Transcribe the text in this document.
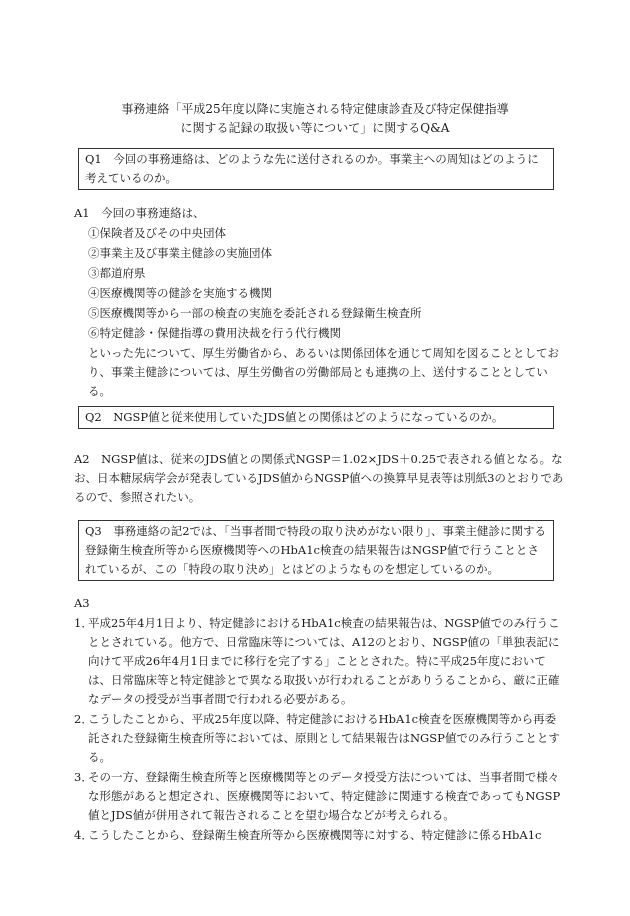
事務連絡「平成25年度以降に実施される特定健康診査及び特定保健指導
に関する記録の取扱い等について」に関するQ&A
Q1　今回の事務連絡は、どのような先に送付されるのか。事業主への周知はどのように考えているのか。
A1　今回の事務連絡は、
①保険者及びその中央団体
②事業主及び事業主健診の実施団体
③都道府県
④医療機関等の健診を実施する機関
⑤医療機関等から一部の検査の実施を委託される登録衛生検査所
⑥特定健診・保健指導の費用決裁を行う代行機関
といった先について、厚生労働省から、あるいは関係団体を通じて周知を図ることとしており、事業主健診については、厚生労働省の労働部局とも連携の上、送付することとしている。
Q2　NGSP値と従来使用していたJDS値との関係はどのようになっているのか。
A2　NGSP値は、従来のJDS値との関係式NGSP＝1.02×JDS＋0.25で表される値となる。なお、日本糖尿病学会が発表しているJDS値からNGSP値への換算早見表等は別紙3のとおりであるので、参照されたい。
Q3　事務連絡の記2では、「当事者間で特段の取り決めがない限り」、事業主健診に関する登録衛生検査所等から医療機関等へのHbA1c検査の結果報告はNGSP値で行うこととされているが、この「特段の取り決め」とはどのようなものを想定しているのか。
A3
1．
平成25年4月1日より、特定健診におけるHbA1c検査の結果報告は、NGSP値でのみ行うこととされている。他方で、日常臨床等については、A12のとおり、NGSP値の「単独表記に向けて平成26年4月1日までに移行を完了する」こととされた。特に平成25年度においては、日常臨床等と特定健診とで異なる取扱いが行われることがありうることから、厳に正確なデータの授受が当事者間で行われる必要がある。
2．
こうしたことから、平成25年度以降、特定健診におけるHbA1c検査を医療機関等から再委託された登録衛生検査所等においては、原則として結果報告はNGSP値でのみ行うこととする。
3．
その一方、登録衛生検査所等と医療機関等とのデータ授受方法については、当事者間で様々な形態があると想定され、医療機関等において、特定健診に関連する検査であってもNGSP値とJDS値が併用されて報告されることを望む場合などが考えられる。
4．
こうしたことから、登録衛生検査所等から医療機関等に対する、特定健診に係るHbA1c
